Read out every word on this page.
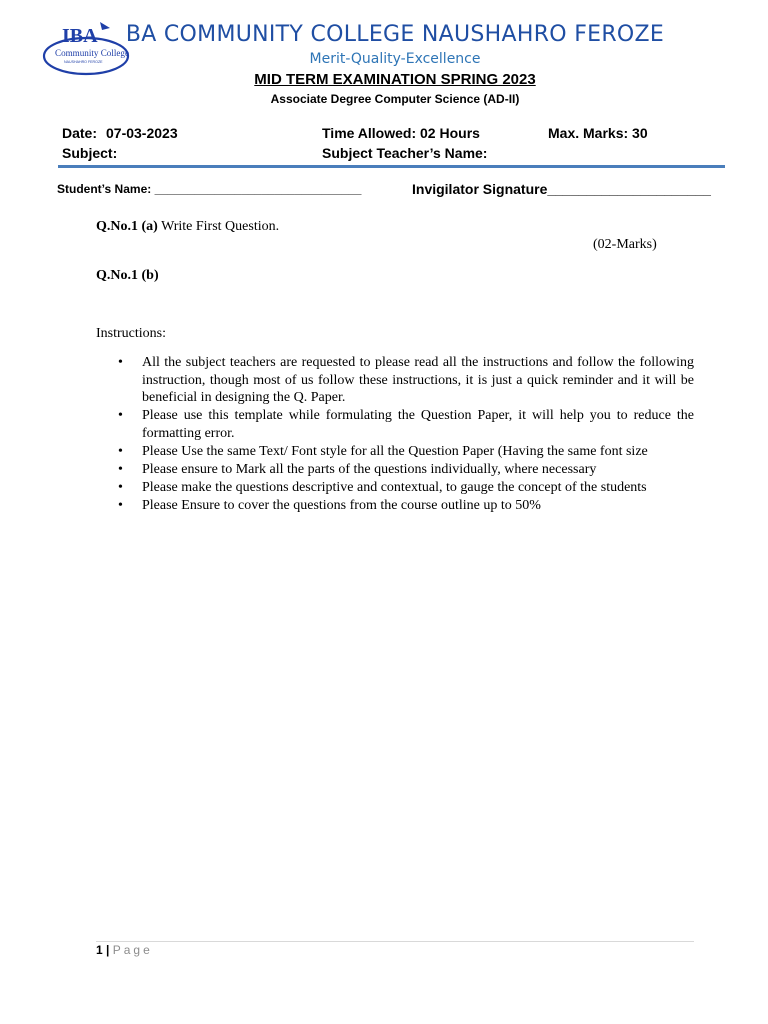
IBA
Community College
NAUSHAHRO FEROZE
BA COMMUNITY COLLEGE NAUSHAHRO FEROZE
Merit-Quality-Excellence
MID TERM EXAMINATION SPRING 2023
Associate Degree Computer Science (AD-II)
Date: 07-03-2023	Time Allowed: 02 Hours	Max. Marks: 30
Subject:	Subject Teacher’s Name:
Student’s Name: _______________________________	Invigilator Signature_____________________
Q.No.1 (a) Write First Question.
(02-Marks)
Q.No.1 (b)
Instructions:
• All the subject teachers are requested to please read all the instructions and follow the following instruction, though most of us follow these instructions, it is just a quick reminder and it will be beneficial in designing the Q. Paper.
• Please use this template while formulating the Question Paper, it will help you to reduce the formatting error.
• Please Use the same Text/ Font style for all the Question Paper (Having the same font size
• Please ensure to Mark all the parts of the questions individually, where necessary
• Please make the questions descriptive and contextual, to gauge the concept of the students
• Please Ensure to cover the questions from the course outline up to 50%
1 | Page
